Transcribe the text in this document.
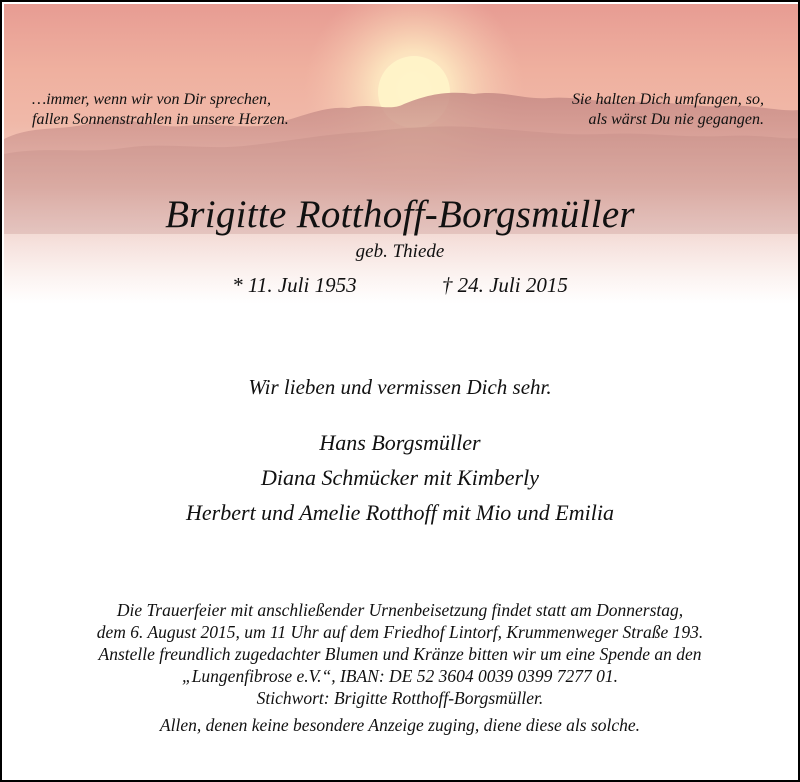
…immer, wenn wir von Dir sprechen,
fallen Sonnenstrahlen in unsere Herzen.
Sie halten Dich umfangen, so,
als wärst Du nie gegangen.
Brigitte Rotthoff-Borgsmüller
geb. Thiede
* 11. Juli 1953	† 24. Juli 2015
Wir lieben und vermissen Dich sehr.
Hans Borgsmüller
Diana Schmücker mit Kimberly
Herbert und Amelie Rotthoff mit Mio und Emilia
Die Trauerfeier mit anschließender Urnenbeisetzung findet statt am Donnerstag,
dem 6. August 2015, um 11 Uhr auf dem Friedhof Lintorf, Krummenweger Straße 193.
Anstelle freundlich zugedachter Blumen und Kränze bitten wir um eine Spende an den
„Lungenfibrose e.V.“, IBAN: DE 52 3604 0039 0399 7277 01.
Stichwort: Brigitte Rotthoff-Borgsmüller.
Allen, denen keine besondere Anzeige zuging, diene diese als solche.
